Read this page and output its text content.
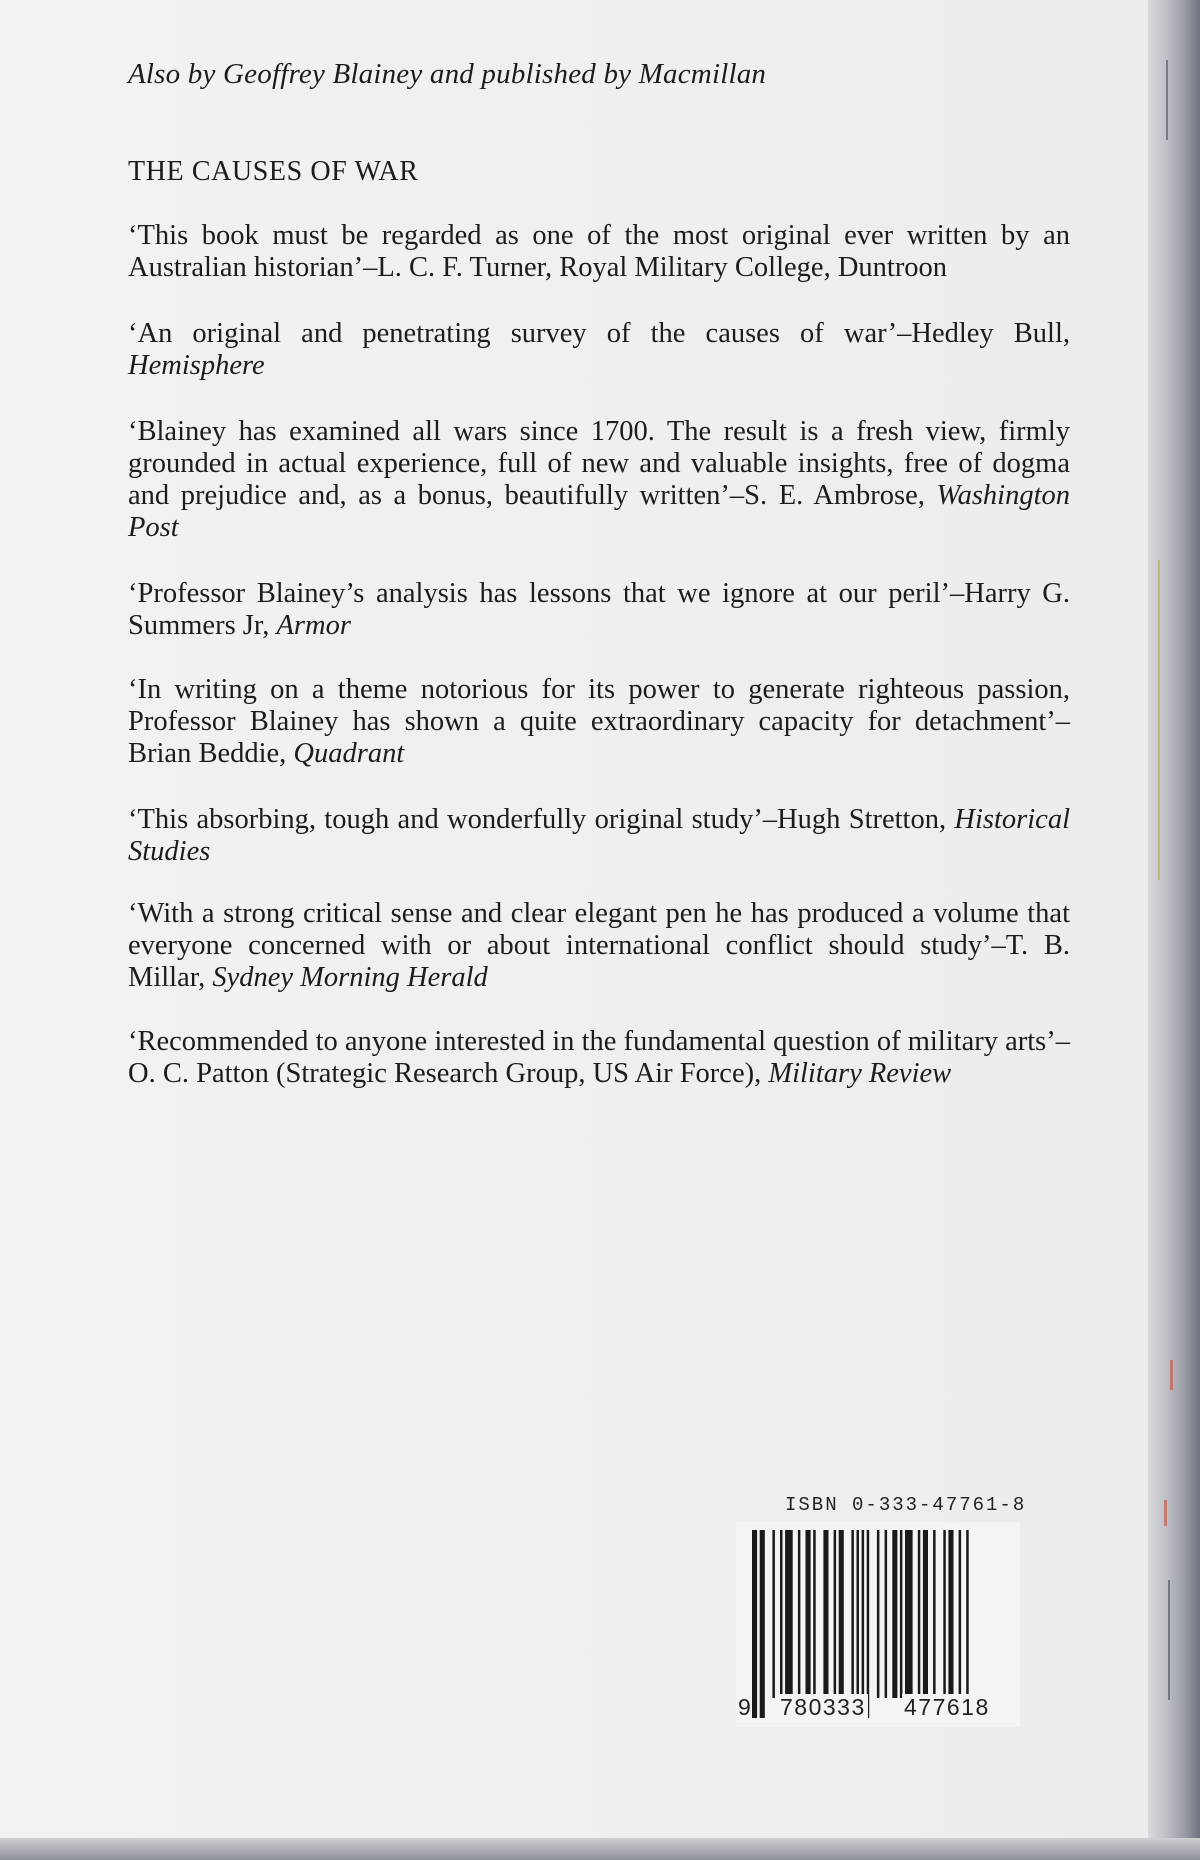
Also by Geoffrey Blainey and published by Macmillan
THE CAUSES OF WAR
‘This book must be regarded as one of the most original ever written by an Australian historian’–L. C. F. Turner, Royal Military College, Duntroon
‘An original and penetrating survey of the causes of war’–Hedley Bull, Hemisphere
‘Blainey has examined all wars since 1700. The result is a fresh view, firmly grounded in actual experience, full of new and valuable insights, free of dogma and prejudice and, as a bonus, beautifully written’–S. E. Ambrose, Washington Post
‘Professor Blainey’s analysis has lessons that we ignore at our peril’–Harry G. Summers Jr, Armor
‘In writing on a theme notorious for its power to generate righteous passion, Professor Blainey has shown a quite extraordinary capacity for detachment’–Brian Beddie, Quadrant
‘This absorbing, tough and wonderfully original study’–Hugh Stretton, Historical Studies
‘With a strong critical sense and clear elegant pen he has produced a volume that everyone concerned with or about international conflict should study’–T. B. Millar, Sydney Morning Herald
‘Recommended to anyone interested in the fundamental question of military arts’–O. C. Patton (Strategic Research Group, US Air Force), Military Review
ISBN 0-333-47761-8
9 780333 477618
